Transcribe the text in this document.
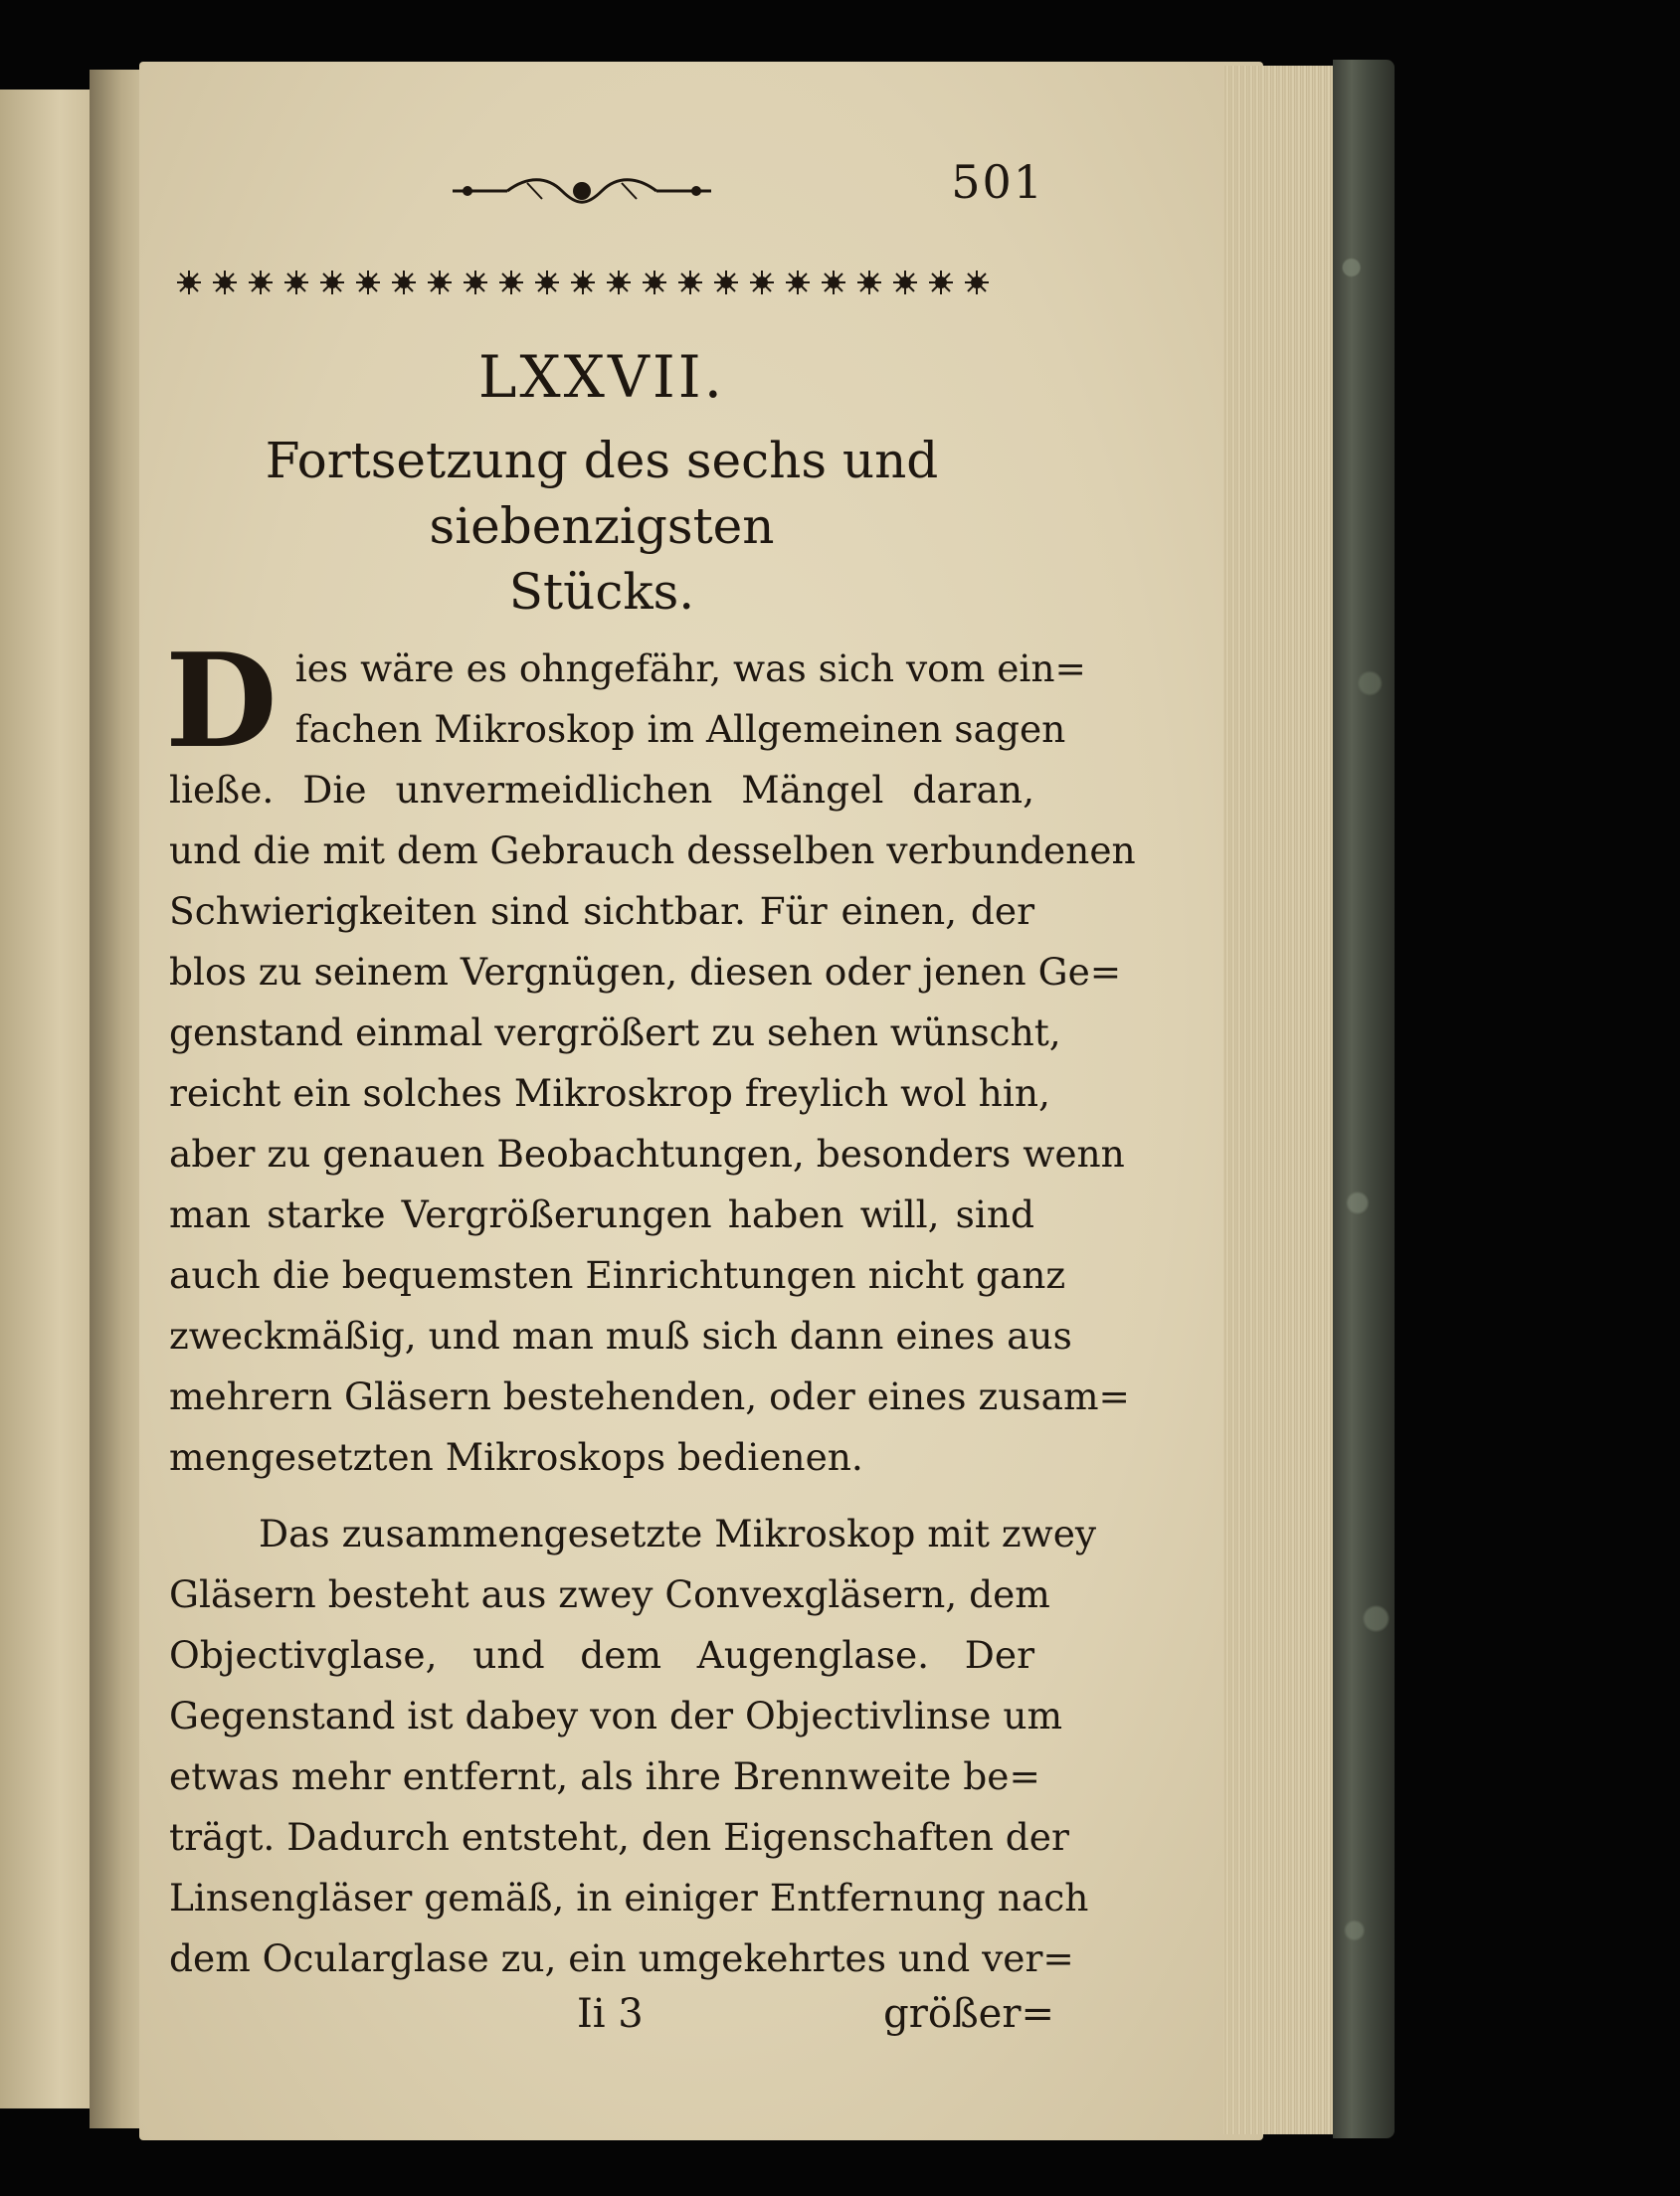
501
LXXVII.
Fortsetzung des sechs und siebenzigsten
Stücks.
D ies wäre es ohngefähr, was sich vom ein=
fachen Mikroskop im Allgemeinen sagen
ließe. Die unvermeidlichen Mängel daran,
und die mit dem Gebrauch desselben verbundenen
Schwierigkeiten sind sichtbar. Für einen, der
blos zu seinem Vergnügen, diesen oder jenen Ge=
genstand einmal vergrößert zu sehen wünscht,
reicht ein solches Mikroskrop freylich wol hin,
aber zu genauen Beobachtungen, besonders wenn
man starke Vergrößerungen haben will, sind
auch die bequemsten Einrichtungen nicht ganz
zweckmäßig, und man muß sich dann eines aus
mehrern Gläsern bestehenden, oder eines zusam=
mengesetzten Mikroskops bedienen.
Das zusammengesetzte Mikroskop mit zwey
Gläsern besteht aus zwey Convexgläsern, dem
Objectivglase, und dem Augenglase. Der
Gegenstand ist dabey von der Objectivlinse um
etwas mehr entfernt, als ihre Brennweite be=
trägt. Dadurch entsteht, den Eigenschaften der
Linsengläser gemäß, in einiger Entfernung nach
dem Ocularglase zu, ein umgekehrtes und ver=
Ii 3	größer=
